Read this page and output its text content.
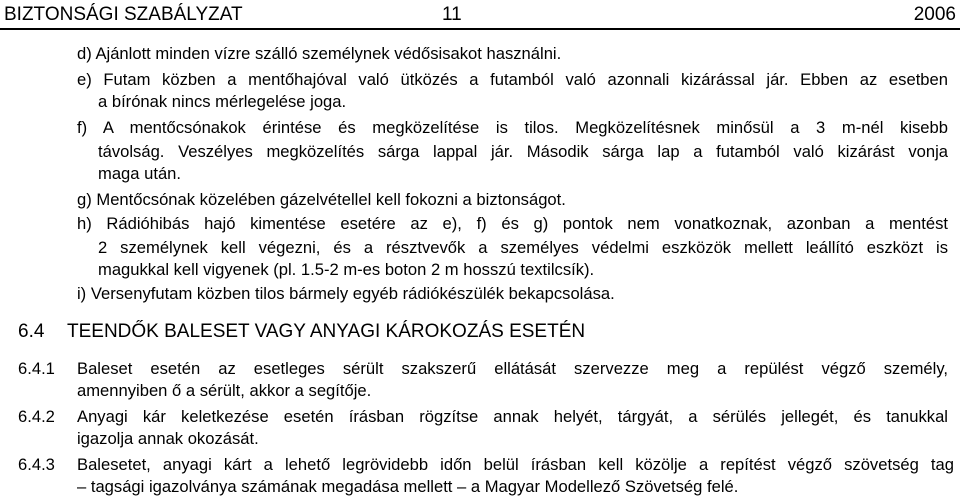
BIZTONSÁGI SZABÁLYZAT	11	2006
d) Ajánlott minden vízre szálló személynek védősisakot használni.
e) Futam közben a mentőhajóval való ütközés a futamból való azonnali kizárással jár. Ebben az esetben
a bírónak nincs mérlegelése joga.
f) A mentőcsónakok érintése és megközelítése is tilos. Megközelítésnek minősül a 3 m-nél kisebb
távolság. Veszélyes megközelítés sárga lappal jár. Második sárga lap a futamból való kizárást vonja
maga után.
g) Mentőcsónak közelében gázelvétellel kell fokozni a biztonságot.
h) Rádióhibás hajó kimentése esetére az e), f) és g) pontok nem vonatkoznak, azonban a mentést
2 személynek kell végezni, és a résztvevők a személyes védelmi eszközök mellett leállító eszközt is
magukkal kell vigyenek (pl. 1.5-2 m-es boton 2 m hosszú textilcsík).
i) Versenyfutam közben tilos bármely egyéb rádiókészülék bekapcsolása.
6.4 TEENDŐK BALESET VAGY ANYAGI KÁROKOZÁS ESETÉN
6.4.1 Baleset esetén az esetleges sérült szakszerű ellátását szervezze meg a repülést végző személy,
amennyiben ő a sérült, akkor a segítője.
6.4.2 Anyagi kár keletkezése esetén írásban rögzítse annak helyét, tárgyát, a sérülés jellegét, és tanukkal
igazolja annak okozását.
6.4.3 Balesetet, anyagi kárt a lehető legrövidebb időn belül írásban kell közölje a repítést végző szövetség tag
– tagsági igazolványa számának megadása mellett – a Magyar Modellező Szövetség felé.
